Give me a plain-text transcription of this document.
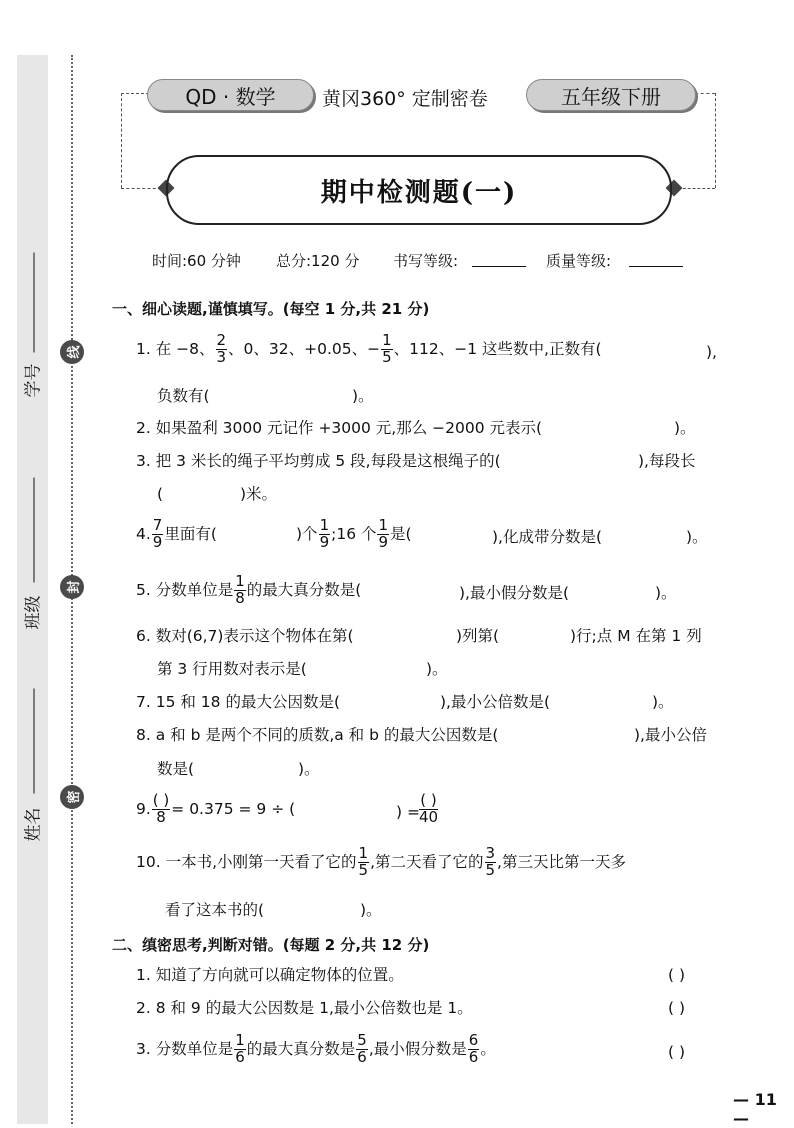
学号
班级
姓名
线
封
密
QD · 数学	黄冈360° 定制密卷	五年级下册
期中检测题(一)
时间:60 分钟 总分:120 分 书写等级:	质量等级:
一、细心读题,谨慎填写。(每空 1 分,共 21 分)
1. 在 −8、 $\frac{2}{3}$ 、0、32、+0.05、− $\frac{1}{5}$ 、112、−1 这些数中,正数有(	),
负数有(	)。
2. 如果盈利 3000 元记作 +3000 元,那么 −2000 元表示(	)。
3. 把 3 米长的绳子平均剪成 5 段,每段是这根绳子的(	),每段长
(	)米。
4. $\frac{7}{9}$ 里面有(	)个 $\frac{1}{9}$ ;16 个 $\frac{1}{9}$ 是(	),化成带分数是(	)。
5. 分数单位是 $\frac{1}{8}$ 的最大真分数是(	),最小假分数是(	)。
6. 数对(6,7)表示这个物体在第(	)列第(	)行;点 M 在第 1 列
第 3 行用数对表示是(	)。
7. 15 和 18 的最大公因数是(	),最小公倍数是(	)。
8. a 和 b 是两个不同的质数,a 和 b 的最大公因数是(	),最小公倍
数是(	)。
9. $\frac{( )}{8} = 0.375 = 9$ ÷ (	) = $\frac{( )}{40}$
10. 一本书,小刚第一天看了它的 $\frac{1}{5}$ ,第二天看了它的 $\frac{3}{5}$ ,第三天比第一天多
看了这本书的(	)。
二、缜密思考,判断对错。(每题 2 分,共 12 分)
1. 知道了方向就可以确定物体的位置。	( )
2. 8 和 9 的最大公因数是 1,最小公倍数也是 1。	( )
3. 分数单位是 $\frac{1}{6}$ 的最大真分数是 $\frac{5}{6}$ ,最小假分数是 $\frac{6}{6}$ 。	( )
— 11 —
